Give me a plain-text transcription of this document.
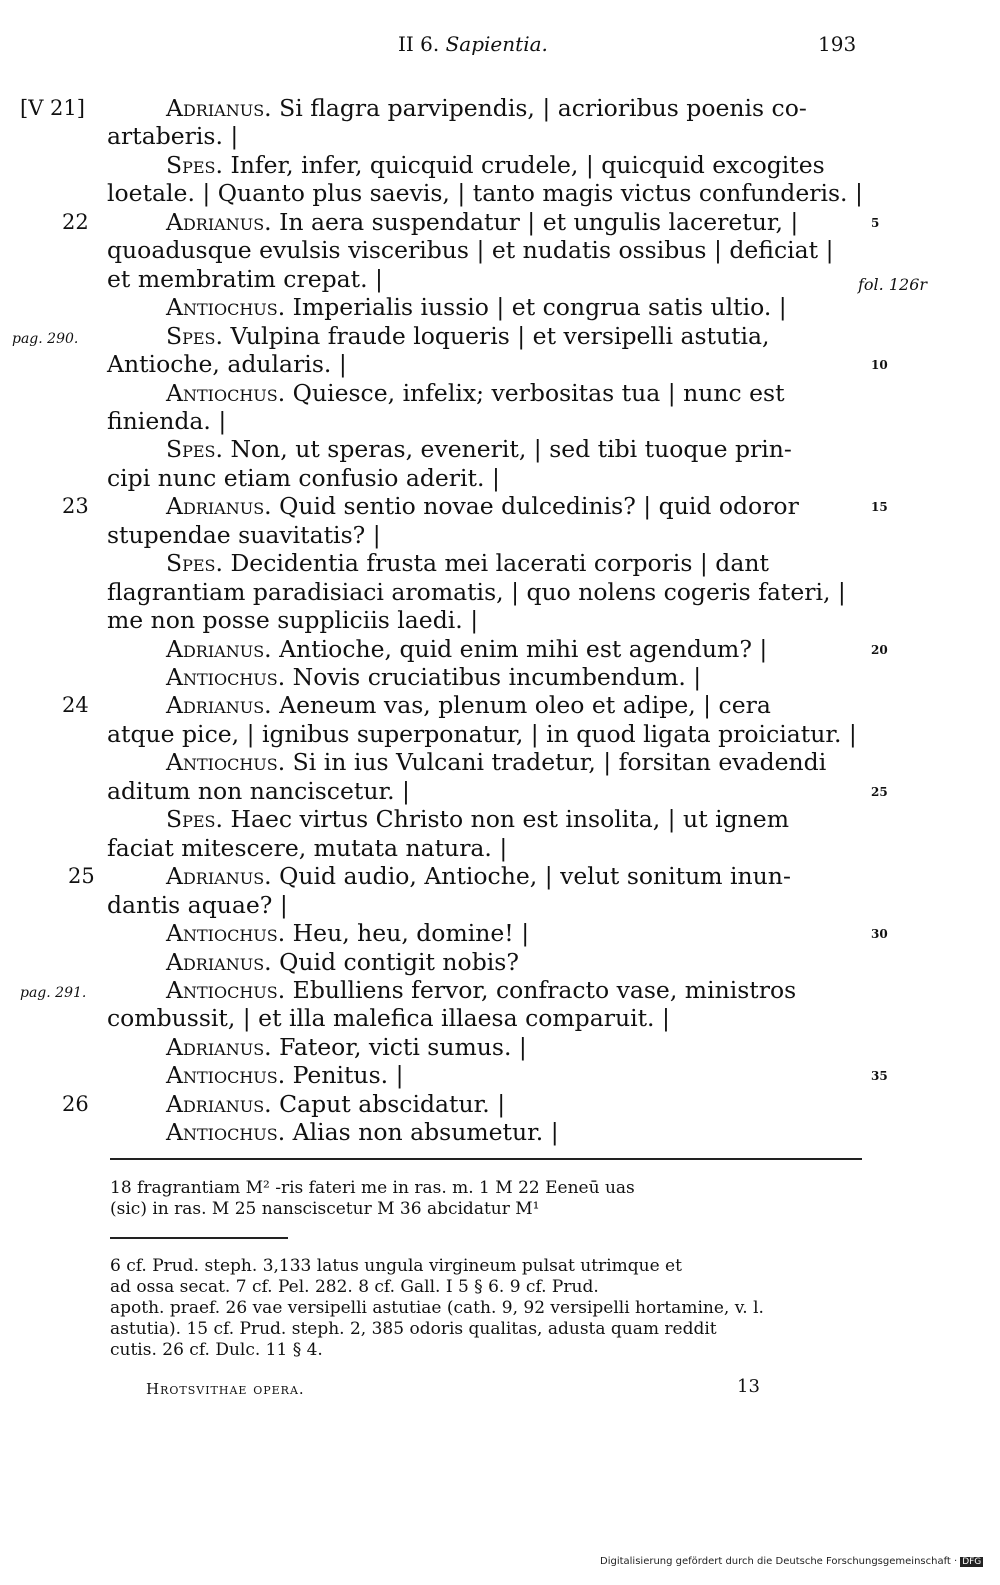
II 6. Sapientia.	193
[V 21]	Adrianus. Si flagra parvipendis, | acrioribus poenis co-
artaberis. |
Spes. Infer, infer, quicquid crudele, | quicquid excogites
loetale. | Quanto plus saevis, | tanto magis victus confunderis. |
22	Adrianus. In aera suspendatur | et ungulis laceretur, |	5
quoadusque evulsis visceribus | et nudatis ossibus | deficiat |
et membratim crepat. |	fol. 126r
Antiochus. Imperialis iussio | et congrua satis ultio. |
pag. 290.	Spes. Vulpina fraude loqueris | et versipelli astutia,
Antioche, adularis. |	10
Antiochus. Quiesce, infelix; verbositas tua | nunc est
finienda. |
Spes. Non, ut speras, evenerit, | sed tibi tuoque prin-
cipi nunc etiam confusio aderit. |
23	Adrianus. Quid sentio novae dulcedinis? | quid odoror	15
stupendae suavitatis? |
Spes. Decidentia frusta mei lacerati corporis | dant
flagrantiam paradisiaci aromatis, | quo nolens cogeris fateri, |
me non posse suppliciis laedi. |
Adrianus. Antioche, quid enim mihi est agendum? |	20
Antiochus. Novis cruciatibus incumbendum. |
24	Adrianus. Aeneum vas, plenum oleo et adipe, | cera
atque pice, | ignibus superponatur, | in quod ligata proiciatur. |
Antiochus. Si in ius Vulcani tradetur, | forsitan evadendi
aditum non nanciscetur. |	25
Spes. Haec virtus Christo non est insolita, | ut ignem
faciat mitescere, mutata natura. |
25	Adrianus. Quid audio, Antioche, | velut sonitum inun-
dantis aquae? |
Antiochus. Heu, heu, domine! |	30
Adrianus. Quid contigit nobis?
pag. 291.	Antiochus. Ebulliens fervor, confracto vase, ministros
combussit, | et illa malefica illaesa comparuit. |
Adrianus. Fateor, victi sumus. |
Antiochus. Penitus. |	35
26	Adrianus. Caput abscidatur. |
Antiochus. Alias non absumetur. |
18 fragrantiam M² -ris fateri me in ras. m. 1 M 22 Eeneū uas
(sic) in ras. M 25 nansciscetur M 36 abcidatur M¹
6 cf. Prud. steph. 3,133 latus ungula virgineum pulsat utrimque et
ad ossa secat. 7 cf. Pel. 282. 8 cf. Gall. I 5 § 6. 9 cf. Prud.
apoth. praef. 26 vae versipelli astutiae (cath. 9, 92 versipelli hortamine, v. l.
astutia). 15 cf. Prud. steph. 2, 385 odoris qualitas, adusta quam reddit
cutis. 26 cf. Dulc. 11 § 4.
Hrotsvithae opera.	13
Digitalisierung gefördert durch die Deutsche Forschungsgemeinschaft · DFG
